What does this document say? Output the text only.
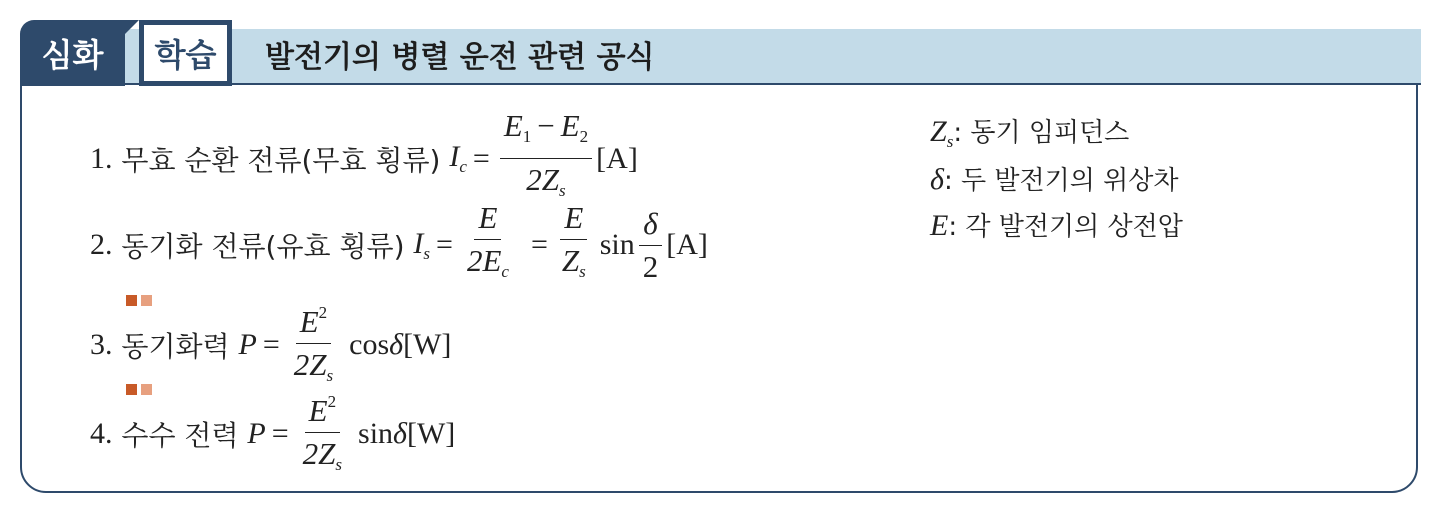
심화	학습	발전기의 병렬 운전 관련 공식
1. 무효 순환 전류(무효 횡류) $I_c = \frac{E_1 - E_2}{2Z_s} [A]$
2. 동기화 전류(유효 횡류) $I_s = \frac{E}{2E_c} = \frac{E}{Z_s}$ $\sin \frac{\delta}{2} [A]$
3. 동기화력 $P = \frac{E^2}{2Z_s}$ cos δ [W]
4. 수수 전력 $P = \frac{E^2}{2Z_s}$ sin δ [W]
$Z_s$: 동기 임피던스
δ: 두 발전기의 위상차
E: 각 발전기의 상전압
